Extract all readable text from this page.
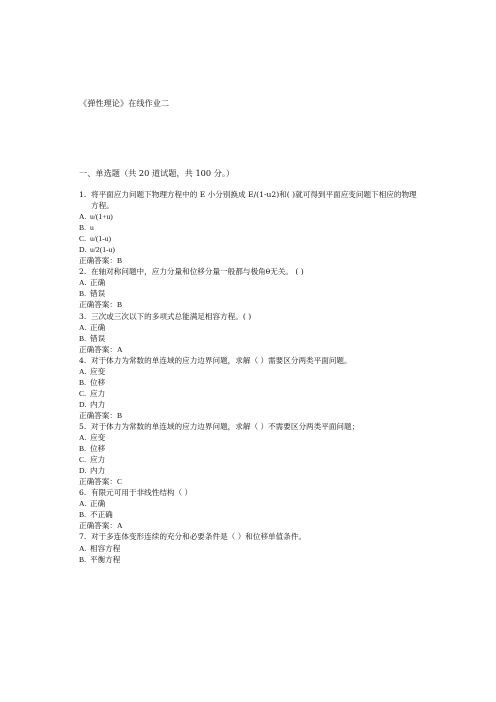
《弹性理论》在线作业二
一、单选题（共 20 道试题，共 100 分。）
1. 将平面应力问题下物理方程中的 E 小分别换成 E/(1-u2)和( )就可得到平面应变问题下相应的物理方程。
A. u/(1+u)
B. u
C. u/(1-u)
D. u/2(1-u)
正确答案：B
2. 在轴对称问题中，应力分量和位移分量一般都与极角θ无关。 ( )
A. 正确
B. 错误
正确答案：B
3. 三次或三次以下的多项式总能满足相容方程。( )
A. 正确
B. 错误
正确答案：A
4. 对于体力为常数的单连域的应力边界问题，求解（ ）需要区分两类平面问题。
A. 应变
B. 位移
C. 应力
D. 内力
正确答案：B
5. 对于体力为常数的单连域的应力边界问题，求解（ ）不需要区分两类平面问题；
A. 应变
B. 位移
C. 应力
D. 内力
正确答案：C
6. 有限元可用于非线性结构（ ）
A. 正确
B. 不正确
正确答案：A
7. 对于多连体变形连续的充分和必要条件是（ ）和位移单值条件。
A. 相容方程
B. 平衡方程
